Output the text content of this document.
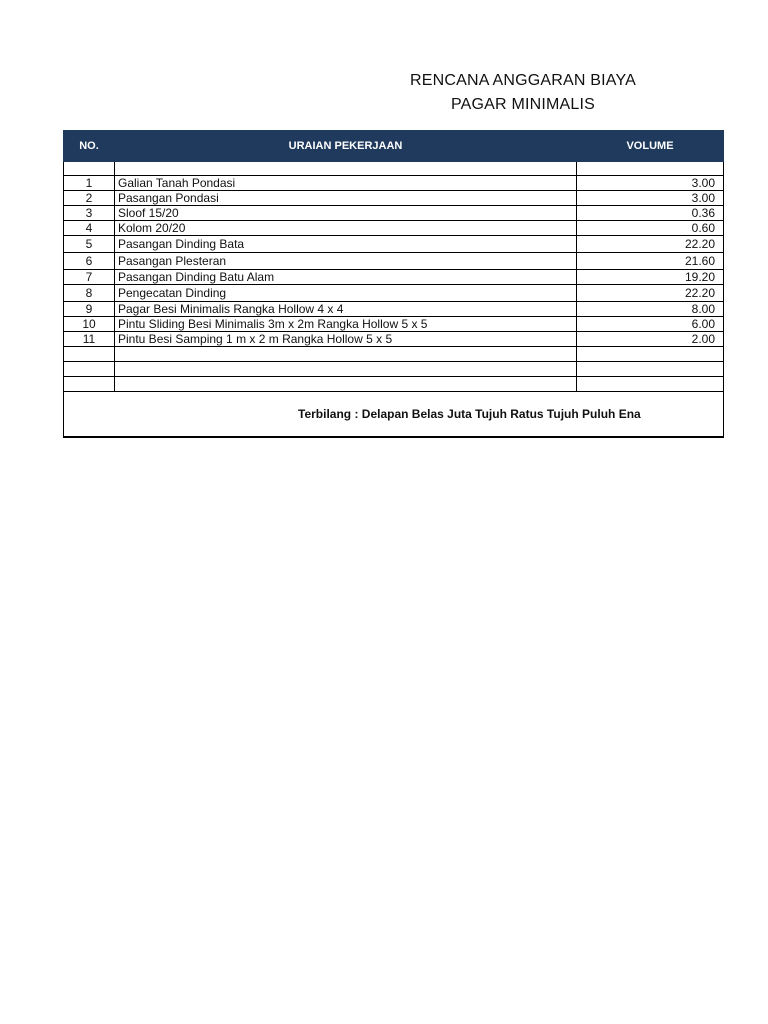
RENCANA ANGGARAN BIAYA
PAGAR MINIMALIS
NO.	URAIAN PEKERJAAN	VOLUME

1	Galian Tanah Pondasi	3.00
2	Pasangan Pondasi	3.00
3	Sloof 15/20	0.36
4	Kolom 20/20	0.60
5	Pasangan Dinding Bata	22.20
6	Pasangan Plesteran	21.60
7	Pasangan Dinding Batu Alam	19.20
8	Pengecatan Dinding	22.20
9	Pagar Besi Minimalis Rangka Hollow 4 x 4	8.00
10	Pintu Sliding Besi Minimalis 3m x 2m Rangka Hollow 5 x 5	6.00
11	Pintu Besi Samping 1 m x 2 m Rangka Hollow 5 x 5	2.00

Terbilang : Delapan Belas Juta Tujuh Ratus Tujuh Puluh Ena		
